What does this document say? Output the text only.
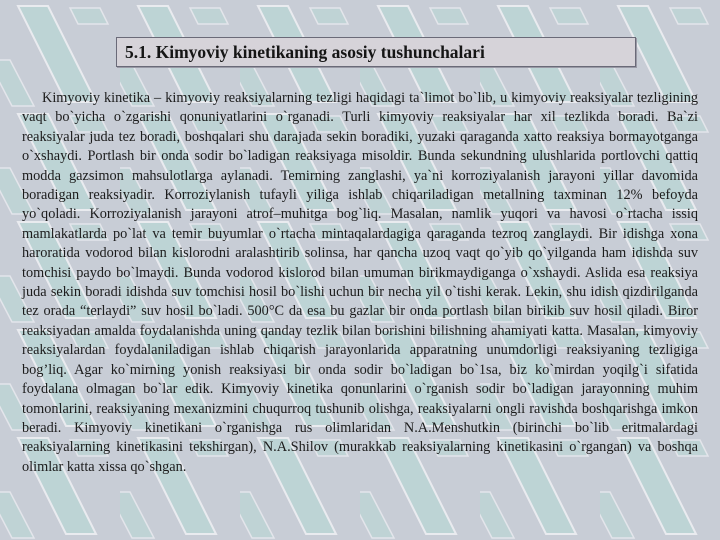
5.1. Kimyoviy kinetikaning asosiy tushunchalari

Kimyoviy kinetika – kimyoviy reaksiyalarning tezligi haqidagi ta`limot bo`lib, u kimyoviy reaksiyalar tezligining vaqt bo`yicha o`zgarishi qonuniyatlarini o`rganadi. Turli kimyoviy reaksiyalar har xil tezlikda boradi. Ba`zi reaksiyalar juda tez boradi, boshqalari shu darajada sekin boradiki, yuzaki qaraganda xatto reaksiya bormayotganga o`xshaydi. Portlash bir onda sodir bo`ladigan reaksiyaga misoldir. Bunda sekundning ulushlarida portlovchi qattiq modda gazsimon mahsulotlarga aylanadi. Temirning zanglashi, ya`ni korroziyalanish jarayoni yillar davomida boradigan reaksiyadir. Korroziylanish tufayli yiliga ishlab chiqariladigan metallning taxminan 12% befoyda yo`qoladi. Korroziyalanish jarayoni atrof–muhitga bog`liq. Masalan, namlik yuqori va havosi o`rtacha issiq mamlakatlarda po`lat va temir buyumlar o`rtacha mintaqalardagiga qaraganda tezroq zanglaydi. Bir idishga xona haroratida vodorod bilan kislorodni aralashtirib solinsa, har qancha uzoq vaqt qo`yib qo`yilganda ham idishda suv tomchisi paydo bo`lmaydi. Bunda vodorod kislorod bilan umuman birikmaydiganga o`xshaydi. Aslida esa reaksiya juda sekin boradi idishda suv tomchisi hosil bo`lishi uchun bir necha yil o`tishi kerak. Lekin, shu idish qizdirilganda tez orada “terlaydi” suv hosil bo`ladi. 500°C da esa bu gazlar bir onda portlash bilan birikib suv hosil qiladi. Biror reaksiyadan amalda foydalanishda uning qanday tezlik bilan borishini bilishning ahamiyati katta. Masalan, kimyoviy reaksiyalardan foydalaniladigan ishlab chiqarish jarayonlarida apparatning unumdorligi reaksiyaning tezligiga bog’liq. Agar ko`mirning yonish reaksiyasi bir onda sodir bo`ladigan bo`1sa, biz ko`mirdan yoqilg`i sifatida foydalana olmagan bo`lar edik. Kimyoviy kinetika qonunlarini o`rganish sodir bo`ladigan jarayonning muhim tomonlarini, reaksiyaning mexanizmini chuqurroq tushunib olishga, reaksiyalarni ongli ravishda boshqarishga imkon beradi. Kimyoviy kinetikani o`rganishga rus olimlaridan N.A.Menshutkin (birinchi bo`lib eritmalardagi reaksiyalarning kinetikasini tekshirgan), N.A.Shilov (murakkab reaksiyalarning kinetikasini o`rgangan) va boshqa olimlar katta xissa qo`shgan.
